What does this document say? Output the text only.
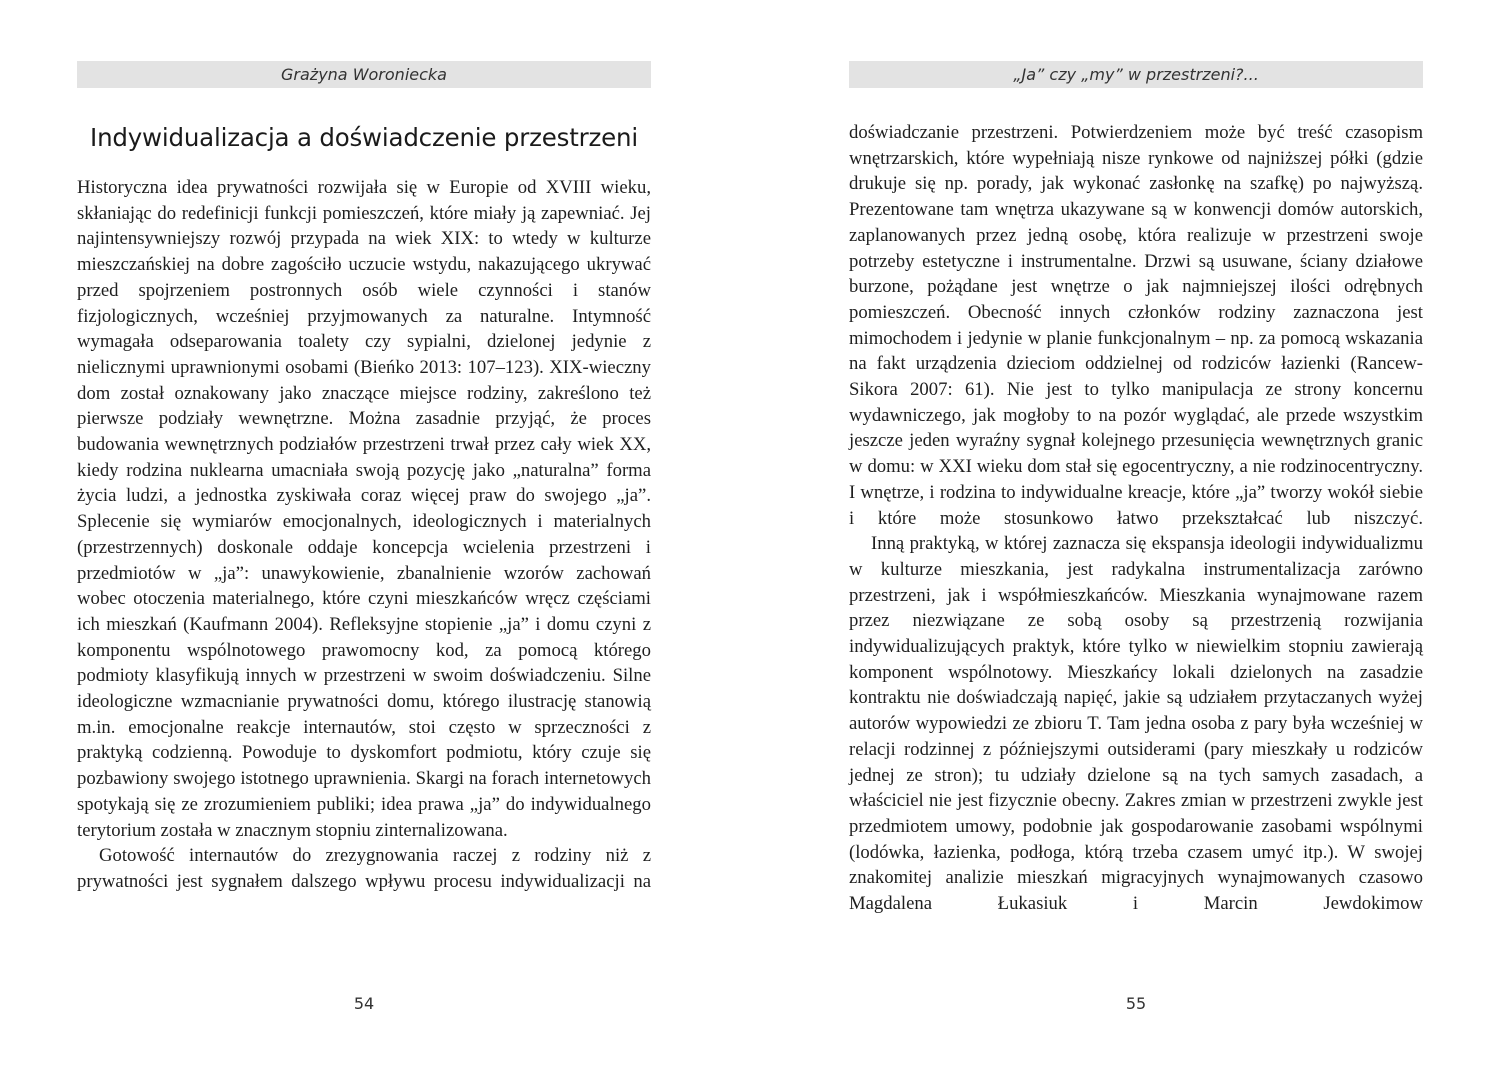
Grażyna Woroniecka
Indywidualizacja a doświadczenie przestrzeni

Historyczna idea prywatności rozwijała się w Europie od XVIII wieku, skłaniając do redefinicji funkcji pomieszczeń, które miały ją zapewniać. Jej najintensywniejszy rozwój przypada na wiek XIX: to wtedy w kulturze mieszczańskiej na dobre zagościło uczucie wstydu, nakazującego ukrywać przed spojrzeniem postronnych osób wiele czynności i stanów fizjologicznych, wcześniej przyjmowanych za naturalne. Intymność wymagała odseparowania toalety czy sypialni, dzielonej jedynie z nielicznymi uprawnionymi osobami (Bieńko 2013: 107–123). XIX-wieczny dom został oznakowany jako znaczące miejsce rodziny, zakreślono też pierwsze podziały wewnętrzne. Można zasadnie przyjąć, że proces budowania wewnętrznych podziałów przestrzeni trwał przez cały wiek XX, kiedy rodzina nuklearna umacniała swoją pozycję jako „naturalna” forma życia ludzi, a jednostka zyskiwała coraz więcej praw do swojego „ja”. Splecenie się wymiarów emocjonalnych, ideologicznych i materialnych (przestrzennych) doskonale oddaje koncepcja wcielenia przestrzeni i przedmiotów w „ja”: unawykowienie, zbanalnienie wzorów zachowań wobec otoczenia materialnego, które czyni mieszkańców wręcz częściami ich mieszkań (Kaufmann 2004). Refleksyjne stopienie „ja” i domu czyni z komponentu wspólnotowego prawomocny kod, za pomocą którego podmioty klasyfikują innych w przestrzeni w swoim doświadczeniu. Silne ideologiczne wzmacnianie prywatności domu, którego ilustrację stanowią m.in. emocjonalne reakcje internautów, stoi często w sprzeczności z praktyką codzienną. Powoduje to dyskomfort podmiotu, który czuje się pozbawiony swojego istotnego uprawnienia. Skargi na forach internetowych spotykają się ze zrozumieniem publiki; idea prawa „ja” do indywidualnego terytorium została w znacznym stopniu zinternalizowana.

Gotowość internautów do zrezygnowania raczej z rodziny niż z prywatności jest sygnałem dalszego wpływu procesu indywidualizacji na

54
„Ja” czy „my” w przestrzeni?...

doświadczanie przestrzeni. Potwierdzeniem może być treść czasopism wnętrzarskich, które wypełniają nisze rynkowe od najniższej półki (gdzie drukuje się np. porady, jak wykonać zasłonkę na szafkę) po najwyższą. Prezentowane tam wnętrza ukazywane są w konwencji domów autorskich, zaplanowanych przez jedną osobę, która realizuje w przestrzeni swoje potrzeby estetyczne i instrumentalne. Drzwi są usuwane, ściany działowe burzone, pożądane jest wnętrze o jak najmniejszej ilości odrębnych pomieszczeń. Obecność innych członków rodziny zaznaczona jest mimochodem i jedynie w planie funkcjonalnym – np. za pomocą wskazania na fakt urządzenia dzieciom oddzielnej od rodziców łazienki (Rancew-Sikora 2007: 61). Nie jest to tylko manipulacja ze strony koncernu wydawniczego, jak mogłoby to na pozór wyglądać, ale przede wszystkim jeszcze jeden wyraźny sygnał kolejnego przesunięcia wewnętrznych granic w domu: w XXI wieku dom stał się egocentryczny, a nie rodzinocentryczny. I wnętrze, i rodzina to indywidualne kreacje, które „ja” tworzy wokół siebie i które może stosunkowo łatwo przekształcać lub niszczyć.

Inną praktyką, w której zaznacza się ekspansja ideologii indywidualizmu w kulturze mieszkania, jest radykalna instrumentalizacja zarówno przestrzeni, jak i współmieszkańców. Mieszkania wynajmowane razem przez niezwiązane ze sobą osoby są przestrzenią rozwijania indywidualizujących praktyk, które tylko w niewielkim stopniu zawierają komponent wspólnotowy. Mieszkańcy lokali dzielonych na zasadzie kontraktu nie doświadczają napięć, jakie są udziałem przytaczanych wyżej autorów wypowiedzi ze zbioru T. Tam jedna osoba z pary była wcześniej w relacji rodzinnej z późniejszymi outsiderami (pary mieszkały u rodziców jednej ze stron); tu udziały dzielone są na tych samych zasadach, a właściciel nie jest fizycznie obecny. Zakres zmian w przestrzeni zwykle jest przedmiotem umowy, podobnie jak gospodarowanie zasobami wspólnymi (lodówka, łazienka, podłoga, którą trzeba czasem umyć itp.). W swojej znakomitej analizie mieszkań migracyjnych wynajmowanych czasowo Magdalena Łukasiuk i Marcin Jewdokimow

55
